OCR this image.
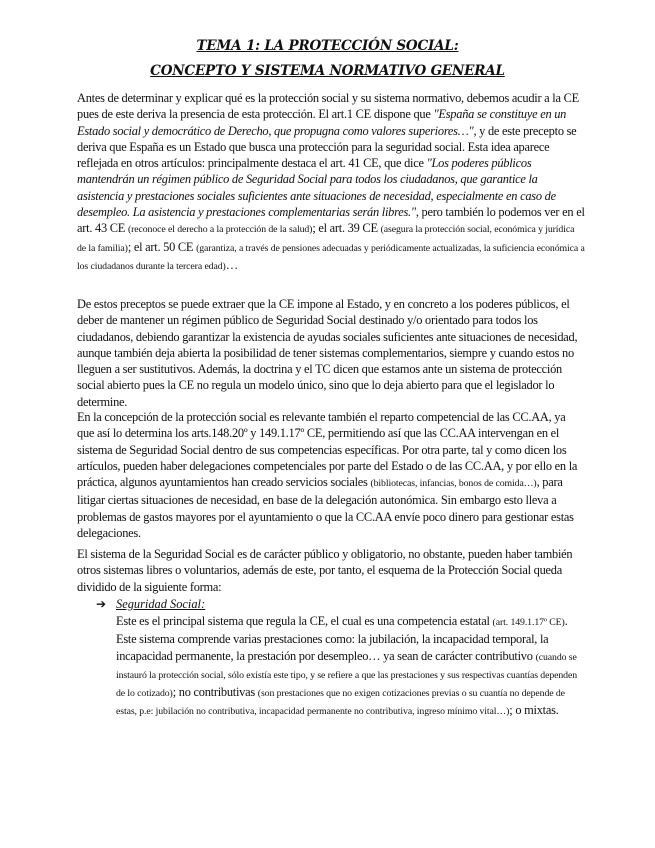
TEMA 1: LA PROTECCIÓN SOCIAL:
CONCEPTO Y SISTEMA NORMATIVO GENERAL

Antes de determinar y explicar qué es la protección social y su sistema normativo, debemos acudir a la CE pues de este deriva la presencia de esta protección. El art.1 CE dispone que "España se constituye en un Estado social y democrático de Derecho, que propugna como valores superiores…", y de este precepto se deriva que España es un Estado que busca una protección para la seguridad social. Esta idea aparece reflejada en otros artículos: principalmente destaca el art. 41 CE, que dice "Los poderes públicos mantendrán un régimen público de Seguridad Social para todos los ciudadanos, que garantice la asistencia y prestaciones sociales suficientes ante situaciones de necesidad, especialmente en caso de desempleo. La asistencia y prestaciones complementarias serán libres.", pero también lo podemos ver en el art. 43 CE (reconoce el derecho a la protección de la salud); el art. 39 CE (asegura la protección social, económica y jurídica de la familia); el art. 50 CE (garantiza, a través de pensiones adecuadas y periódicamente actualizadas, la suficiencia económica a los ciudadanos durante la tercera edad)…

De estos preceptos se puede extraer que la CE impone al Estado, y en concreto a los poderes públicos, el deber de mantener un régimen público de Seguridad Social destinado y/o orientado para todos los ciudadanos, debiendo garantizar la existencia de ayudas sociales suficientes ante situaciones de necesidad, aunque también deja abierta la posibilidad de tener sistemas complementarios, siempre y cuando estos no lleguen a ser sustitutivos. Además, la doctrina y el TC dicen que estamos ante un sistema de protección social abierto pues la CE no regula un modelo único, sino que lo deja abierto para que el legislador lo determine.

En la concepción de la protección social es relevante también el reparto competencial de las CC.AA, ya que así lo determina los arts.148.20º y 149.1.17º CE, permitiendo así que las CC.AA intervengan en el sistema de Seguridad Social dentro de sus competencias específicas. Por otra parte, tal y como dicen los artículos, pueden haber delegaciones competenciales por parte del Estado o de las CC.AA, y por ello en la práctica, algunos ayuntamientos han creado servicios sociales (bibliotecas, infancias, bonos de comida…), para litigar ciertas situaciones de necesidad, en base de la delegación autonómica. Sin embargo esto lleva a problemas de gastos mayores por el ayuntamiento o que la CC.AA envíe poco dinero para gestionar estas delegaciones.

El sistema de la Seguridad Social es de carácter público y obligatorio, no obstante, pueden haber también otros sistemas libres o voluntarios, además de este, por tanto, el esquema de la Protección Social queda dividido de la siguiente forma:

➔ Seguridad Social:

Este es el principal sistema que regula la CE, el cual es una competencia estatal (art. 149.1.17º CE). Este sistema comprende varias prestaciones como: la jubilación, la incapacidad temporal, la incapacidad permanente, la prestación por desempleo… ya sean de carácter contributivo (cuando se instauró la protección social, sólo existía este tipo, y se refiere a que las prestaciones y sus respectivas cuantías dependen de lo cotizado); no contributivas (son prestaciones que no exigen cotizaciones previas o su cuantía no depende de estas, p.e: jubilación no contributiva, incapacidad permanente no contributiva, ingreso mínimo vital…); o mixtas.
